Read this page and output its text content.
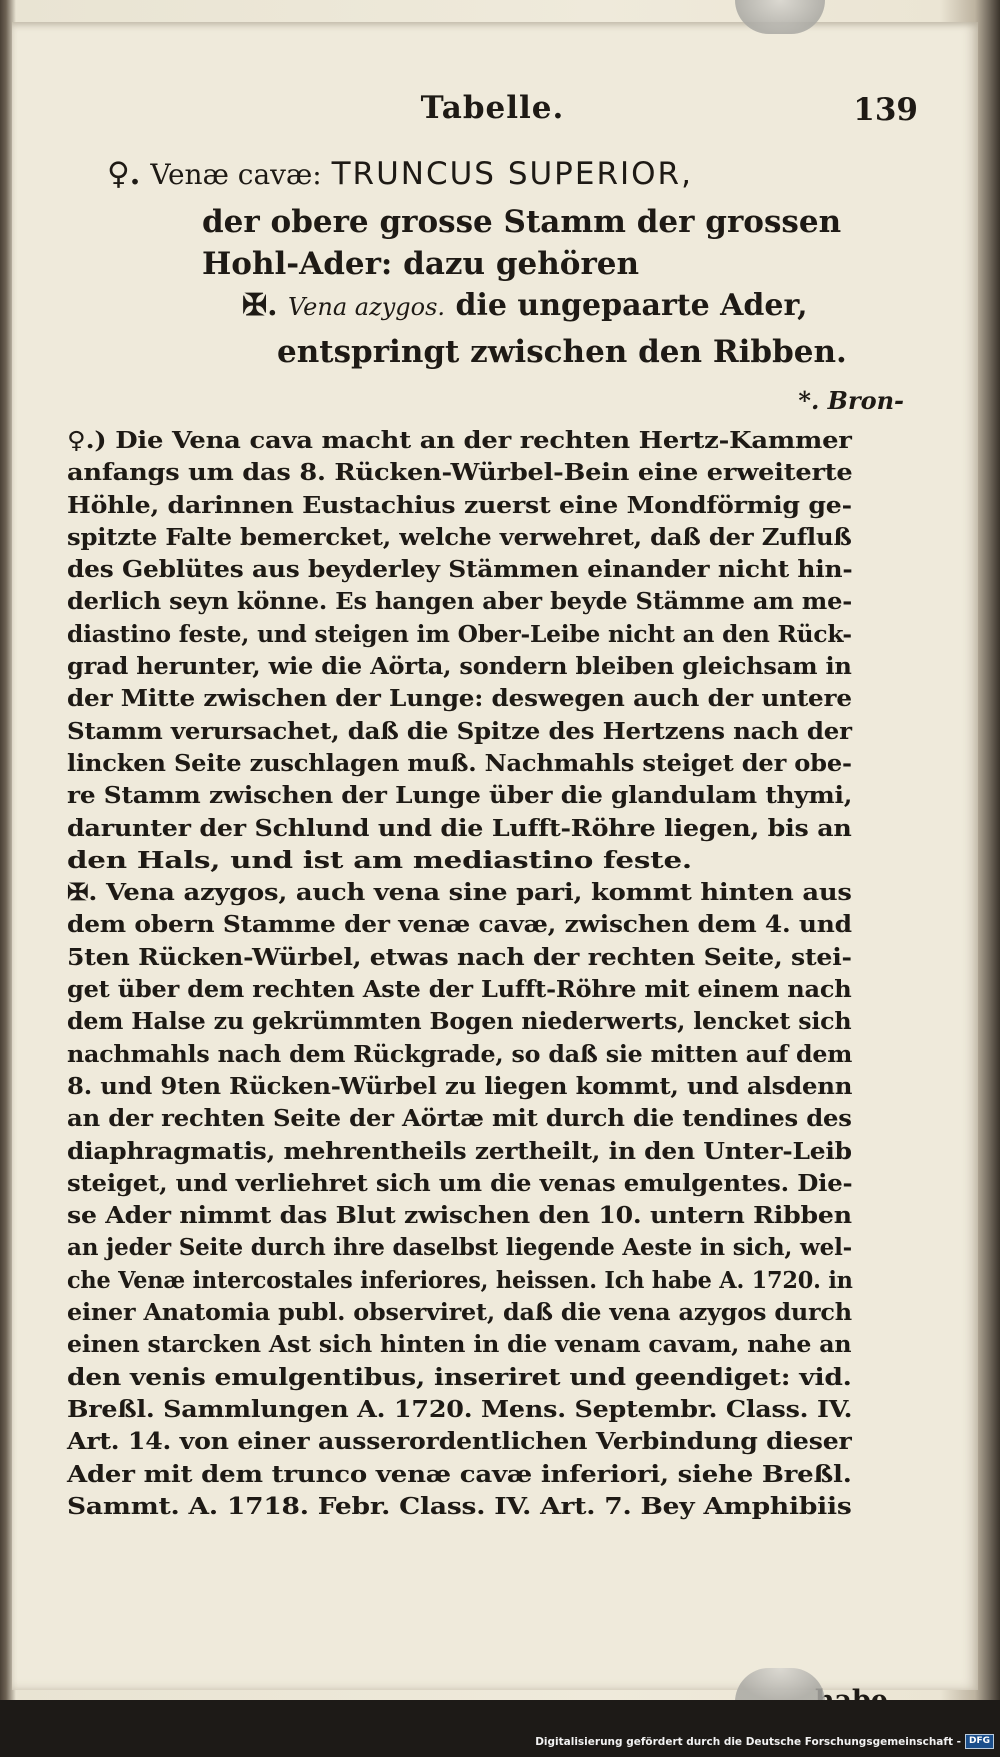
Tabelle.	139
♀. Venæ cavæ: TRUNCUS SUPERIOR,
der obere grosse Stamm der grossen
Hohl-Ader: dazu gehören
✠. Vena azygos. die ungepaarte Ader,
entspringt zwischen den Ribben.
*. Bron-
♀.) Die Vena cava macht an der rechten Hertz-Kammer
anfangs um das 8. Rücken-Würbel-Bein eine erweiterte
Höhle, darinnen Eustachius zuerst eine Mondförmig ge-
spitzte Falte bemercket, welche verwehret, daß der Zufluß
des Geblütes aus beyderley Stämmen einander nicht hin-
derlich seyn könne. Es hangen aber beyde Stämme am me-
diastino feste, und steigen im Ober-Leibe nicht an den Rück-
grad herunter, wie die Aörta, sondern bleiben gleichsam in
der Mitte zwischen der Lunge: deswegen auch der untere
Stamm verursachet, daß die Spitze des Hertzens nach der
lincken Seite zuschlagen muß. Nachmahls steiget der obe-
re Stamm zwischen der Lunge über die glandulam thymi,
darunter der Schlund und die Lufft-Röhre liegen, bis an
den Hals, und ist am mediastino feste.
✠. Vena azygos, auch vena sine pari, kommt hinten aus
dem obern Stamme der venæ cavæ, zwischen dem 4. und
5ten Rücken-Würbel, etwas nach der rechten Seite, stei-
get über dem rechten Aste der Lufft-Röhre mit einem nach
dem Halse zu gekrümmten Bogen niederwerts, lencket sich
nachmahls nach dem Rückgrade, so daß sie mitten auf dem
8. und 9ten Rücken-Würbel zu liegen kommt, und alsdenn
an der rechten Seite der Aörtæ mit durch die tendines des
diaphragmatis, mehrentheils zertheilt, in den Unter-Leib
steiget, und verliehret sich um die venas emulgentes. Die-
se Ader nimmt das Blut zwischen den 10. untern Ribben
an jeder Seite durch ihre daselbst liegende Aeste in sich, wel-
che Venæ intercostales inferiores, heissen. Ich habe A. 1720. in
einer Anatomia publ. observiret, daß die vena azygos durch
einen starcken Ast sich hinten in die venam cavam, nahe an
den venis emulgentibus, inseriret und geendiget: vid.
Breßl. Sammlungen A. 1720. Mens. Septembr. Class. IV.
Art. 14. von einer ausserordentlichen Verbindung dieser
Ader mit dem trunco venæ cavæ inferiori, siehe Breßl.
Sammt. A. 1718. Febr. Class. IV. Art. 7. Bey Amphibiis
Digitalisierung gefördert durch die Deutsche Forschungsgemeinschaft - DFG
